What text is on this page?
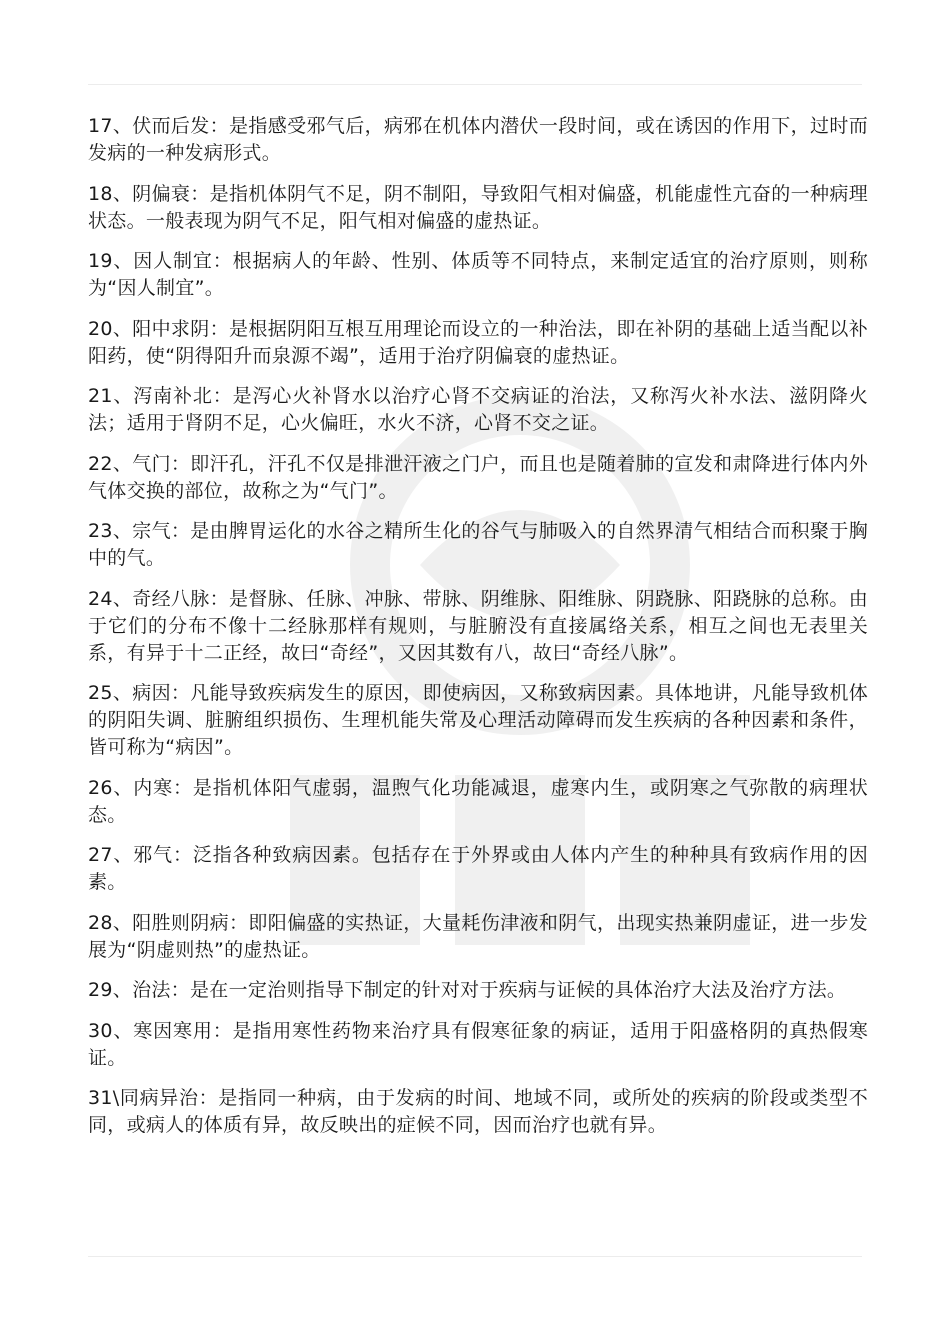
17、伏而后发：是指感受邪气后，病邪在机体内潜伏一段时间，或在诱因的作用下，过时而发病的一种发病形式。

18、阴偏衰：是指机体阴气不足，阴不制阳，导致阳气相对偏盛，机能虚性亢奋的一种病理状态。一般表现为阴气不足，阳气相对偏盛的虚热证。

19、因人制宜：根据病人的年龄、性别、体质等不同特点，来制定适宜的治疗原则，则称为“因人制宜”。

20、阳中求阴：是根据阴阳互根互用理论而设立的一种治法，即在补阴的基础上适当配以补阳药，使“阴得阳升而泉源不竭”，适用于治疗阴偏衰的虚热证。

21、泻南补北：是泻心火补肾水以治疗心肾不交病证的治法，又称泻火补水法、滋阴降火法；适用于肾阴不足，心火偏旺，水火不济，心肾不交之证。

22、气门：即汗孔，汗孔不仅是排泄汗液之门户，而且也是随着肺的宣发和肃降进行体内外气体交换的部位，故称之为“气门”。

23、宗气：是由脾胃运化的水谷之精所生化的谷气与肺吸入的自然界清气相结合而积聚于胸中的气。

24、奇经八脉：是督脉、任脉、冲脉、带脉、阴维脉、阳维脉、阴跷脉、阳跷脉的总称。由于它们的分布不像十二经脉那样有规则，与脏腑没有直接属络关系，相互之间也无表里关系，有异于十二正经，故曰“奇经”，又因其数有八，故曰“奇经八脉”。

25、病因：凡能导致疾病发生的原因，即使病因，又称致病因素。具体地讲，凡能导致机体的阴阳失调、脏腑组织损伤、生理机能失常及心理活动障碍而发生疾病的各种因素和条件，皆可称为“病因”。

26、内寒：是指机体阳气虚弱，温煦气化功能减退，虚寒内生，或阴寒之气弥散的病理状态。

27、邪气：泛指各种致病因素。包括存在于外界或由人体内产生的种种具有致病作用的因素。

28、阳胜则阴病：即阳偏盛的实热证，大量耗伤津液和阴气，出现实热兼阴虚证，进一步发展为“阴虚则热”的虚热证。

29、治法：是在一定治则指导下制定的针对对于疾病与证候的具体治疗大法及治疗方法。

30、寒因寒用：是指用寒性药物来治疗具有假寒征象的病证，适用于阳盛格阴的真热假寒证。

31\同病异治：是指同一种病，由于发病的时间、地域不同，或所处的疾病的阶段或类型不同，或病人的体质有异，故反映出的症候不同，因而治疗也就有异。
